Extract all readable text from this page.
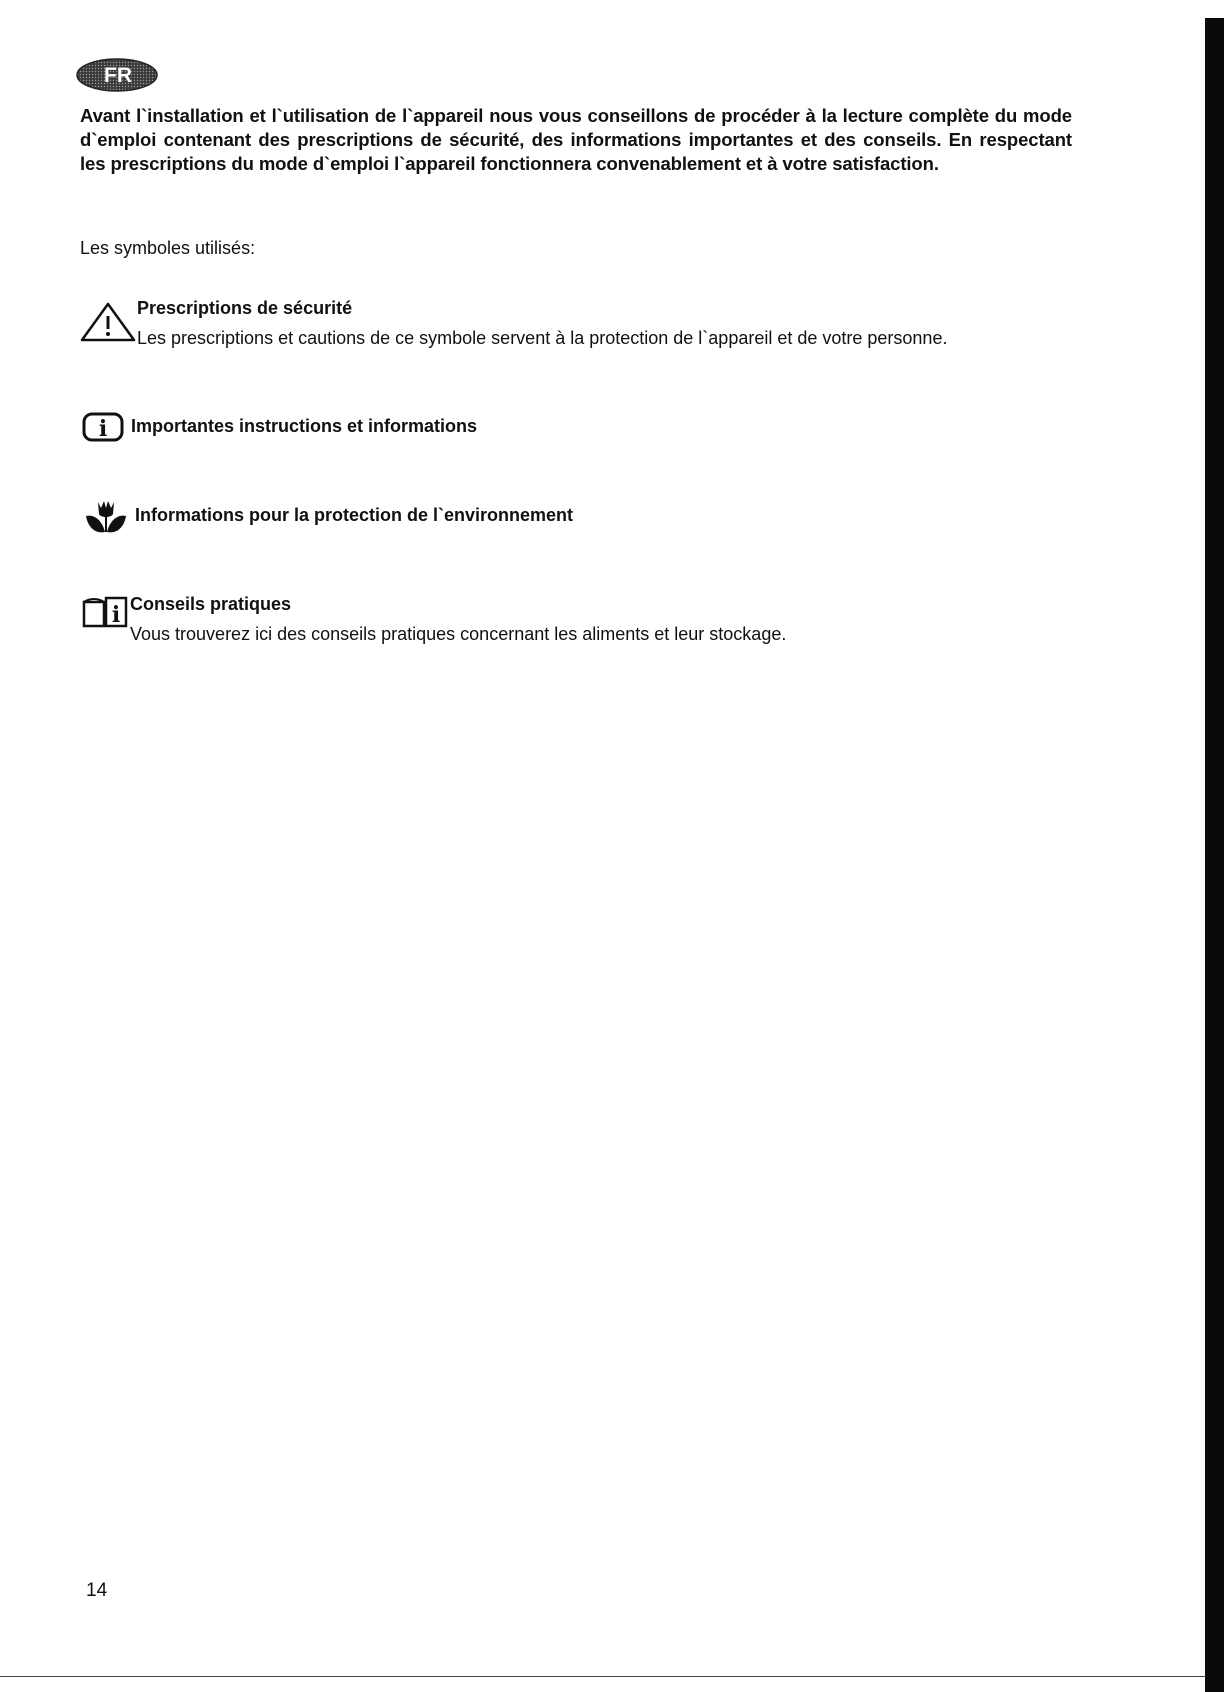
FR

Avant l`installation et l`utilisation de l`appareil nous vous conseillons de procéder à la lecture complète du mode d`emploi contenant des prescriptions de sécurité, des informations importantes et des conseils. En respectant les prescriptions du mode d`emploi l`appareil fonctionnera convenablement et à votre satisfaction.

Les symboles utilisés:

Prescriptions de sécurité

Les prescriptions et cautions de ce symbole servent à la protection de l`appareil et de votre personne.

i Importantes instructions et informations

Informations pour la protection de l`environnement

i Conseils pratiques

Vous trouverez ici des conseils pratiques concernant les aliments et leur stockage.

14
